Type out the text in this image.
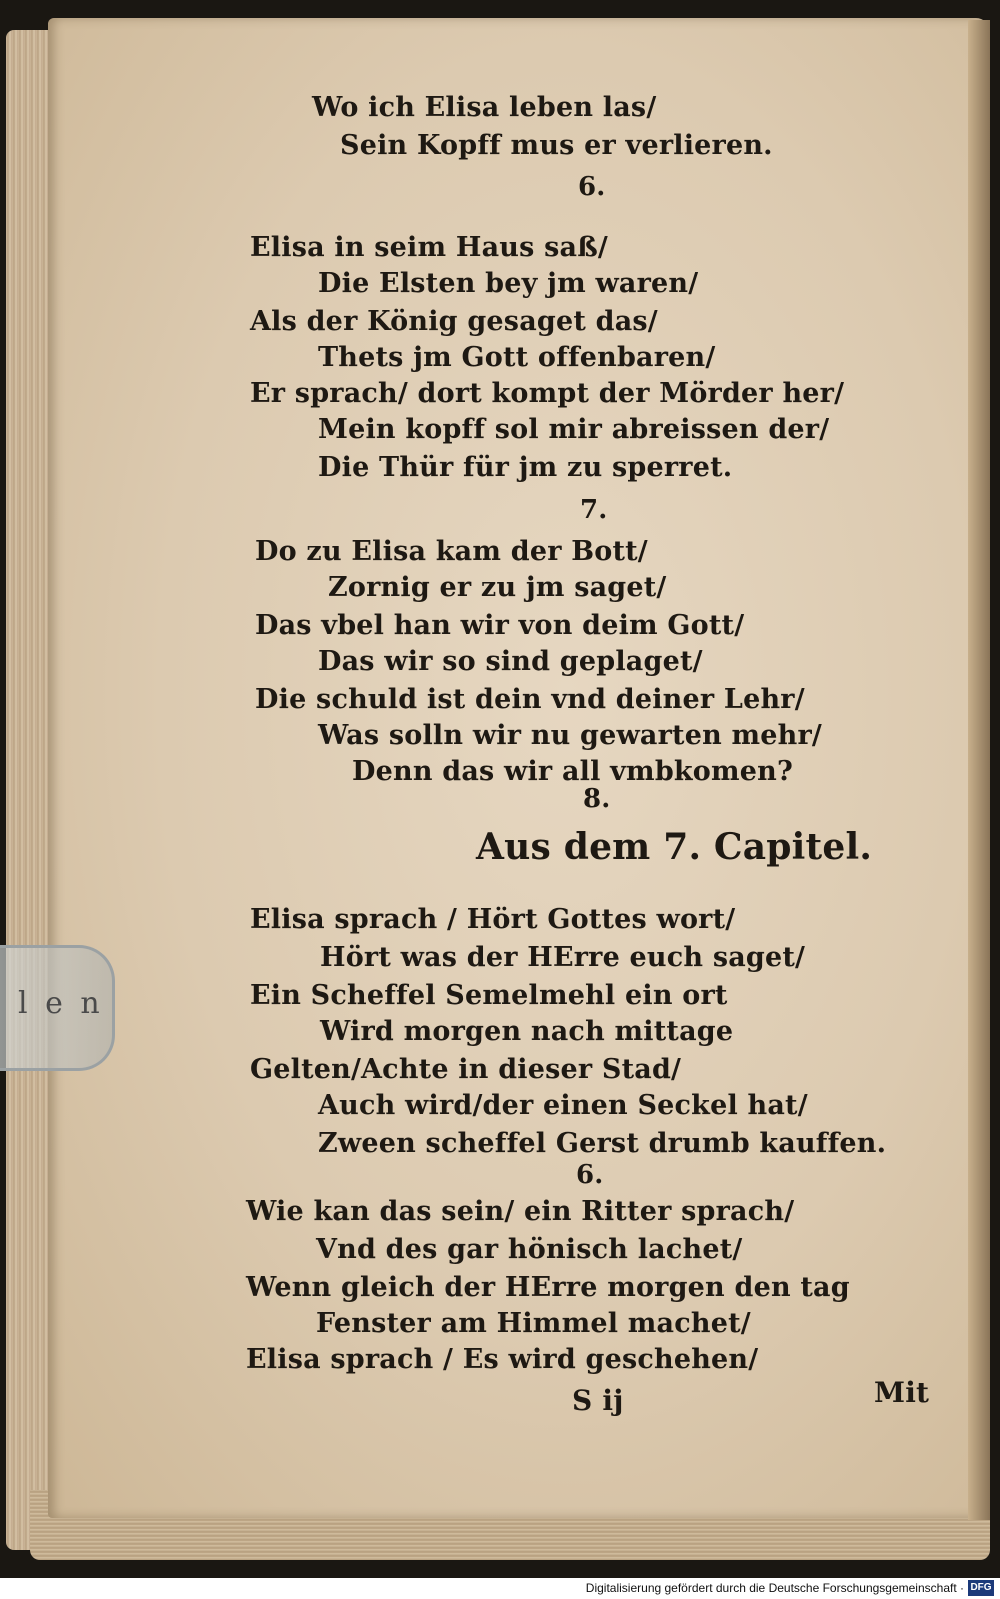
Wo ich Elisa leben las/
Sein Kopff mus er verlieren.
6.
Elisa in seim Haus saß/
Die Elsten bey jm waren/
Als der König gesaget das/
Thets jm Gott offenbaren/
Er sprach/ dort kompt der Mörder her/
Mein kopff sol mir abreissen der/
Die Thür für jm zu sperret.
7.
Do zu Elisa kam der Bott/
Zornig er zu jm saget/
Das vbel han wir von deim Gott/
Das wir so sind geplaget/
Die schuld ist dein vnd deiner Lehr/
Was solln wir nu gewarten mehr/
Denn das wir all vmbkomen?
8.
Aus dem 7. Capitel.
Elisa sprach / Hört Gottes wort/
Hört was der HErre euch saget/
Ein Scheffel Semelmehl ein ort
Wird morgen nach mittage
Gelten/Achte in dieser Stad/
Auch wird/der einen Seckel hat/
Zween scheffel Gerst drumb kauffen.
6.
Wie kan das sein/ ein Ritter sprach/
Vnd des gar hönisch lachet/
Wenn gleich der HErre morgen den tag
Fenster am Himmel machet/
Elisa sprach / Es wird geschehen/
S ij	Mit
l e n
Digitalisierung gefördert durch die Deutsche Forschungsgemeinschaft · DFG
